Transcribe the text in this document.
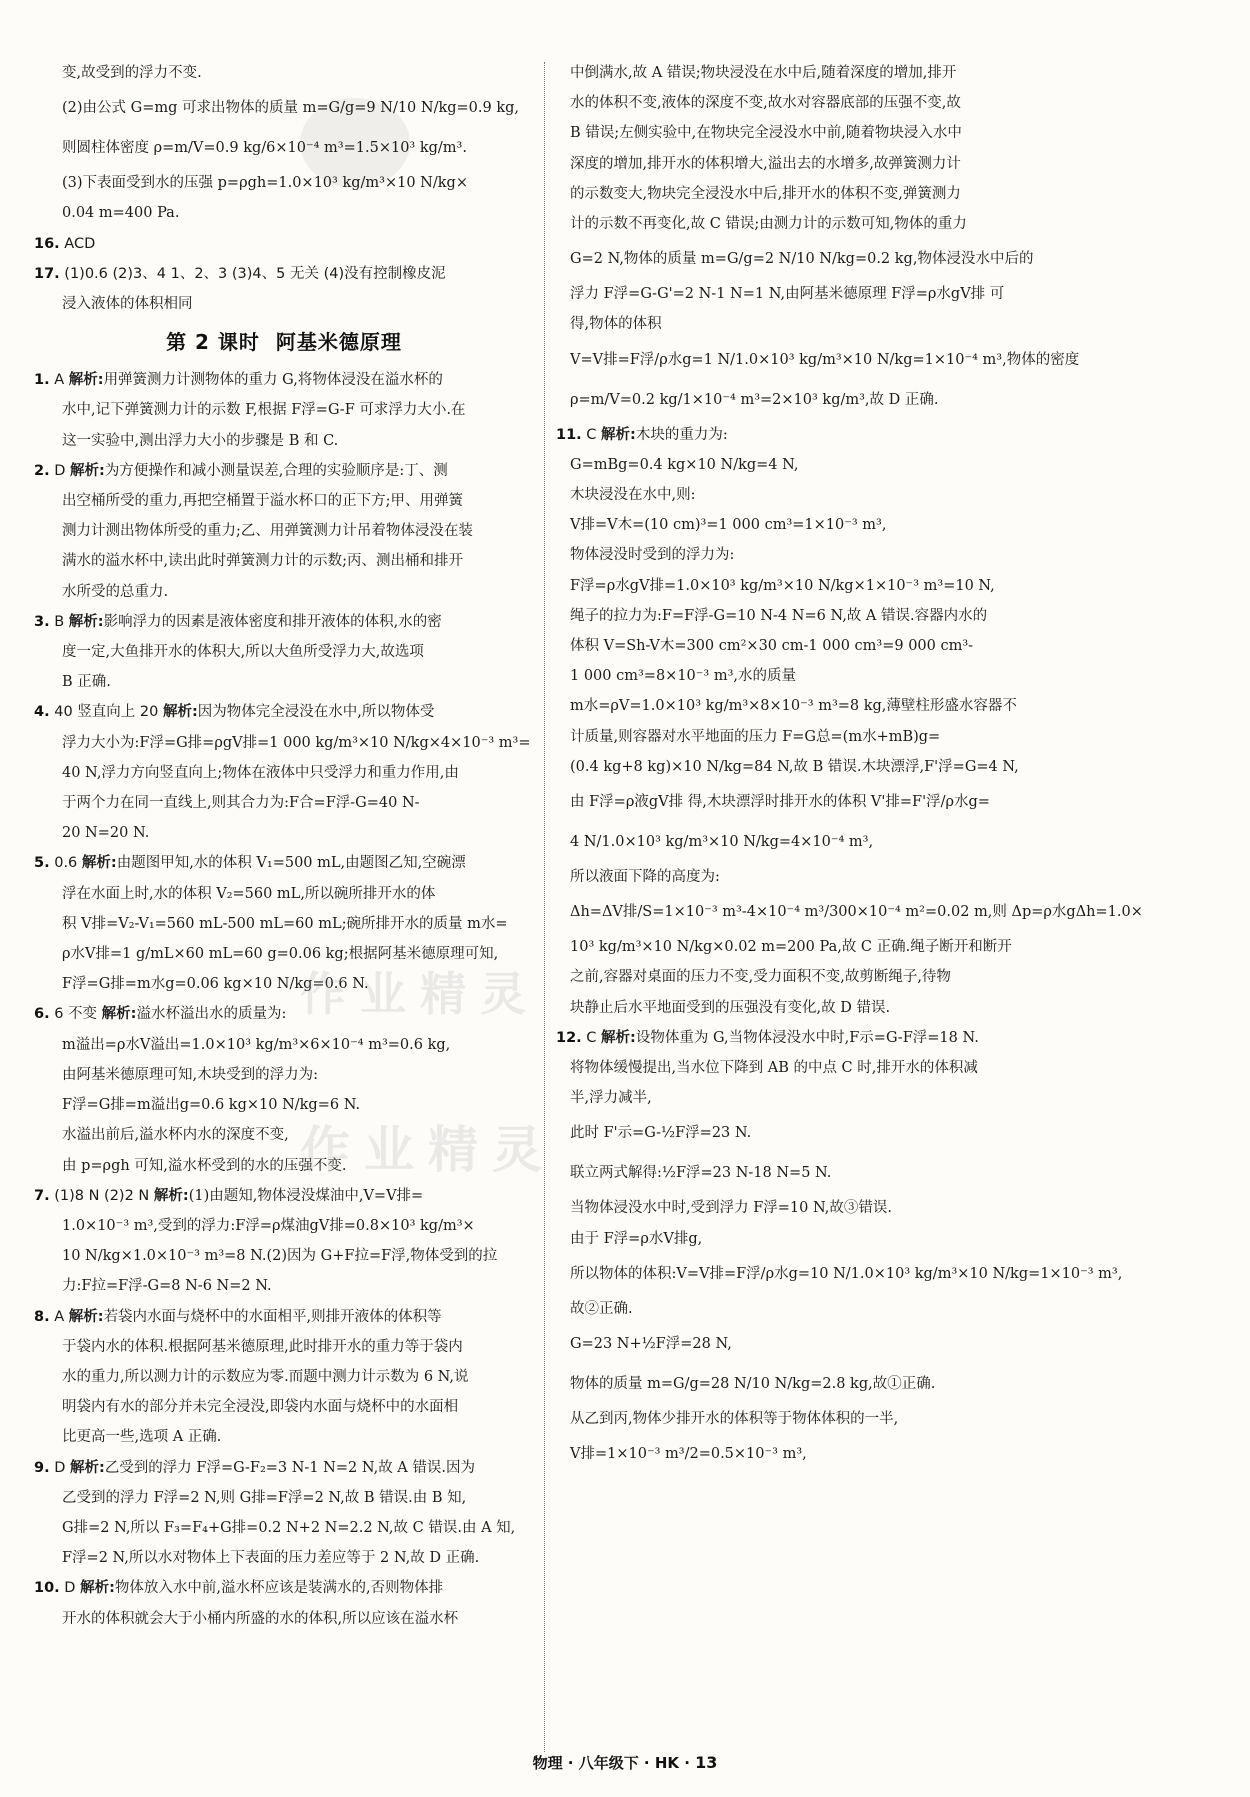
变,故受到的浮力不变.
(2)由公式 G=mg 可求出物体的质量 m=G/g=9 N/10 N/kg=0.9 kg,
则圆柱体密度 ρ=m/V=0.9 kg/6×10⁻⁴ m³=1.5×10³ kg/m³.
(3)下表面受到水的压强 p=ρgh=1.0×10³ kg/m³×10 N/kg×
0.04 m=400 Pa.
16. ACD
17. (1)0.6 (2)3、4 1、2、3 (3)4、5 无关 (4)没有控制橡皮泥
浸入液体的体积相同
第 2 课时 阿基米德原理
1. A 解析:用弹簧测力计测物体的重力 G,将物体浸没在溢水杯的
水中,记下弹簧测力计的示数 F,根据 F浮=G-F 可求浮力大小.在
这一实验中,测出浮力大小的步骤是 B 和 C.
2. D 解析:为方便操作和减小测量误差,合理的实验顺序是:丁、测
出空桶所受的重力,再把空桶置于溢水杯口的正下方;甲、用弹簧
测力计测出物体所受的重力;乙、用弹簧测力计吊着物体浸没在装
满水的溢水杯中,读出此时弹簧测力计的示数;丙、测出桶和排开
水所受的总重力.
3. B 解析:影响浮力的因素是液体密度和排开液体的体积,水的密
度一定,大鱼排开水的体积大,所以大鱼所受浮力大,故选项
B 正确.
4. 40 竖直向上 20 解析:因为物体完全浸没在水中,所以物体受
浮力大小为:F浮=G排=ρgV排=1 000 kg/m³×10 N/kg×4×10⁻³ m³=
40 N,浮力方向竖直向上;物体在液体中只受浮力和重力作用,由
于两个力在同一直线上,则其合力为:F合=F浮-G=40 N-
20 N=20 N.
5. 0.6 解析:由题图甲知,水的体积 V₁=500 mL,由题图乙知,空碗漂
浮在水面上时,水的体积 V₂=560 mL,所以碗所排开水的体
积 V排=V₂-V₁=560 mL-500 mL=60 mL;碗所排开水的质量 m水=
ρ水V排=1 g/mL×60 mL=60 g=0.06 kg;根据阿基米德原理可知,
F浮=G排=m水g=0.06 kg×10 N/kg=0.6 N.
6. 6 不变 解析:溢水杯溢出水的质量为:
m溢出=ρ水V溢出=1.0×10³ kg/m³×6×10⁻⁴ m³=0.6 kg,
由阿基米德原理可知,木块受到的浮力为:
F浮=G排=m溢出g=0.6 kg×10 N/kg=6 N.
水溢出前后,溢水杯内水的深度不变,
由 p=ρgh 可知,溢水杯受到的水的压强不变.
7. (1)8 N (2)2 N 解析:(1)由题知,物体浸没煤油中,V=V排=
1.0×10⁻³ m³,受到的浮力:F浮=ρ煤油gV排=0.8×10³ kg/m³×
10 N/kg×1.0×10⁻³ m³=8 N.(2)因为 G+F拉=F浮,物体受到的拉
力:F拉=F浮-G=8 N-6 N=2 N.
8. A 解析:若袋内水面与烧杯中的水面相平,则排开液体的体积等
于袋内水的体积.根据阿基米德原理,此时排开水的重力等于袋内
水的重力,所以测力计的示数应为零.而题中测力计示数为 6 N,说
明袋内有水的部分并未完全浸没,即袋内水面与烧杯中的水面相
比更高一些,选项 A 正确.
9. D 解析:乙受到的浮力 F浮=G-F₂=3 N-1 N=2 N,故 A 错误.因为
乙受到的浮力 F浮=2 N,则 G排=F浮=2 N,故 B 错误.由 B 知,
G排=2 N,所以 F₃=F₄+G排=0.2 N+2 N=2.2 N,故 C 错误.由 A 知,
F浮=2 N,所以水对物体上下表面的压力差应等于 2 N,故 D 正确.
10. D 解析:物体放入水中前,溢水杯应该是装满水的,否则物体排
开水的体积就会大于小桶内所盛的水的体积,所以应该在溢水杯
中倒满水,故 A 错误;物块浸没在水中后,随着深度的增加,排开
水的体积不变,液体的深度不变,故水对容器底部的压强不变,故
B 错误;左侧实验中,在物块完全浸没水中前,随着物块浸入水中
深度的增加,排开水的体积增大,溢出去的水增多,故弹簧测力计
的示数变大,物块完全浸没水中后,排开水的体积不变,弹簧测力
计的示数不再变化,故 C 错误;由测力计的示数可知,物体的重力
G=2 N,物体的质量 m=G/g=2 N/10 N/kg=0.2 kg,物体浸没水中后的
浮力 F浮=G-G'=2 N-1 N=1 N,由阿基米德原理 F浮=ρ水gV排 可
得,物体的体积
V=V排=F浮/ρ水g=1 N/1.0×10³ kg/m³×10 N/kg=1×10⁻⁴ m³,物体的密度
ρ=m/V=0.2 kg/1×10⁻⁴ m³=2×10³ kg/m³,故 D 正确.
11. C 解析:木块的重力为:
G=mBg=0.4 kg×10 N/kg=4 N,
木块浸没在水中,则:
V排=V木=(10 cm)³=1 000 cm³=1×10⁻³ m³,
物体浸没时受到的浮力为:
F浮=ρ水gV排=1.0×10³ kg/m³×10 N/kg×1×10⁻³ m³=10 N,
绳子的拉力为:F=F浮-G=10 N-4 N=6 N,故 A 错误.容器内水的
体积 V=Sh-V木=300 cm²×30 cm-1 000 cm³=9 000 cm³-
1 000 cm³=8×10⁻³ m³,水的质量
m水=ρV=1.0×10³ kg/m³×8×10⁻³ m³=8 kg,薄壁柱形盛水容器不
计质量,则容器对水平地面的压力 F=G总=(m水+mB)g=
(0.4 kg+8 kg)×10 N/kg=84 N,故 B 错误.木块漂浮,F'浮=G=4 N,
由 F浮=ρ液gV排 得,木块漂浮时排开水的体积 V'排=F'浮/ρ水g=
4 N/1.0×10³ kg/m³×10 N/kg=4×10⁻⁴ m³,
所以液面下降的高度为:
Δh=ΔV排/S=1×10⁻³ m³-4×10⁻⁴ m³/300×10⁻⁴ m²=0.02 m,则 Δp=ρ水gΔh=1.0×
10³ kg/m³×10 N/kg×0.02 m=200 Pa,故 C 正确.绳子断开和断开
之前,容器对桌面的压力不变,受力面积不变,故剪断绳子,待物
块静止后水平地面受到的压强没有变化,故 D 错误.
12. C 解析:设物体重为 G,当物体浸没水中时,F示=G-F浮=18 N.
将物体缓慢提出,当水位下降到 AB 的中点 C 时,排开水的体积减
半,浮力减半,
此时 F'示=G-½F浮=23 N.
联立两式解得:½F浮=23 N-18 N=5 N.
当物体浸没水中时,受到浮力 F浮=10 N,故③错误.
由于 F浮=ρ水V排g,
所以物体的体积:V=V排=F浮/ρ水g=10 N/1.0×10³ kg/m³×10 N/kg=1×10⁻³ m³,
故②正确.
G=23 N+½F浮=28 N,
物体的质量 m=G/g=28 N/10 N/kg=2.8 kg,故①正确.
从乙到丙,物体少排开水的体积等于物体体积的一半,
V排=1×10⁻³ m³/2=0.5×10⁻³ m³,
作业精灵
作业精灵
物理 · 八年级下 · HK · 13
